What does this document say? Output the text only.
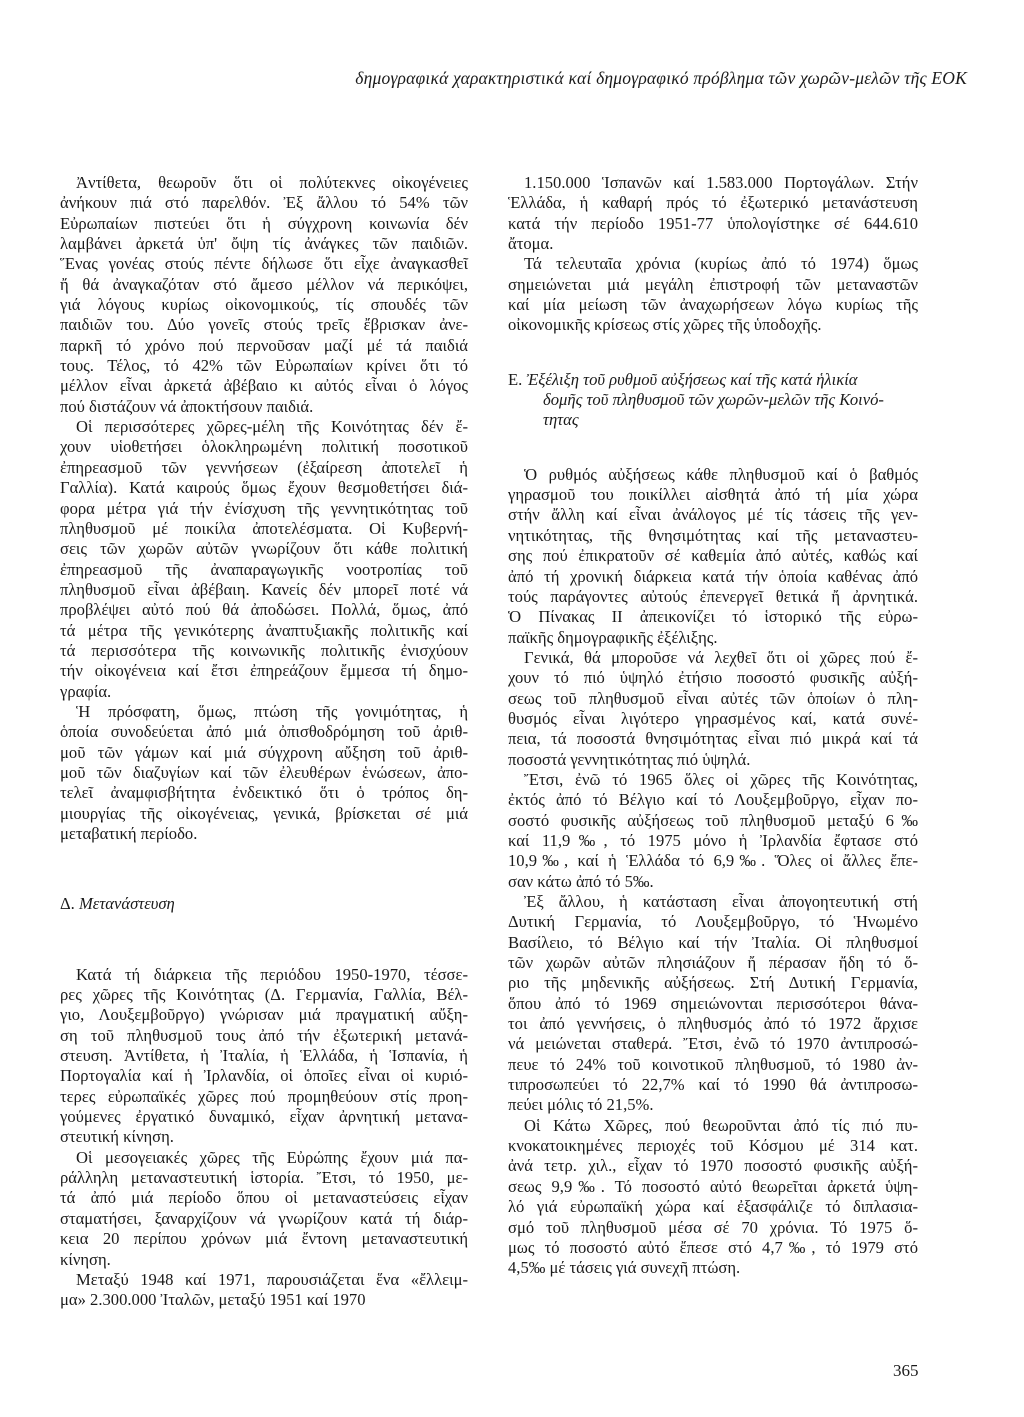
δημογραφικά χαρακτηριστικά καί δημογραφικό πρόβλημα τῶν χωρῶν-μελῶν τῆς ΕΟΚ

Ἀντίθετα, θεωροῦν ὅτι οἱ πολύτεκνες οἰκογένειες
ἀνήκουν πιά στό παρελθόν. Ἐξ ἄλλου τό 54% τῶν
Εὐρωπαίων πιστεύει ὅτι ἡ σύγχρονη κοινωνία δέν
λαμβάνει ἀρκετά ὑπ' ὄψη τίς ἀνάγκες τῶν παιδιῶν.
Ἕνας γονέας στούς πέντε δήλωσε ὅτι εἶχε ἀναγκασθεῖ
ἤ θά ἀναγκαζόταν στό ἄμεσο μέλλον νά περικόψει,
γιά λόγους κυρίως οἰκονομικούς, τίς σπουδές τῶν
παιδιῶν του. Δύο γονεῖς στούς τρεῖς ἔβρισκαν ἀνε-
παρκῆ τό χρόνο πού περνοῦσαν μαζί μέ τά παιδιά
τους. Τέλος, τό 42% τῶν Εὐρωπαίων κρίνει ὅτι τό
μέλλον εἶναι ἀρκετά ἀβέβαιο κι αὐτός εἶναι ὁ λόγος
πού διστάζουν νά ἀποκτήσουν παιδιά.

Οἱ περισσότερες χῶρες-μέλη τῆς Κοινότητας δέν ἔ-
χουν υἱοθετήσει ὁλοκληρωμένη πολιτική ποσοτικοῦ
ἐπηρεασμοῦ τῶν γεννήσεων (ἐξαίρεση ἀποτελεῖ ἡ
Γαλλία). Κατά καιρούς ὅμως ἔχουν θεσμοθετήσει διά-
φορα μέτρα γιά τήν ἐνίσχυση τῆς γεννητικότητας τοῦ
πληθυσμοῦ μέ ποικίλα ἀποτελέσματα. Οἱ Κυβερνή-
σεις τῶν χωρῶν αὐτῶν γνωρίζουν ὅτι κάθε πολιτική
ἐπηρεασμοῦ τῆς ἀναπαραγωγικῆς νοοτροπίας τοῦ
πληθυσμοῦ εἶναι ἀβέβαιη. Κανείς δέν μπορεῖ ποτέ νά
προβλέψει αὐτό πού θά ἀποδώσει. Πολλά, ὅμως, ἀπό
τά μέτρα τῆς γενικότερης ἀναπτυξιακῆς πολιτικῆς καί
τά περισσότερα τῆς κοινωνικῆς πολιτικῆς ἐνισχύουν
τήν οἰκογένεια καί ἔτσι ἐπηρεάζουν ἔμμεσα τή δημο-
γραφία.

Ἡ πρόσφατη, ὅμως, πτώση τῆς γονιμότητας, ἡ
ὁποία συνοδεύεται ἀπό μιά ὀπισθοδρόμηση τοῦ ἀριθ-
μοῦ τῶν γάμων καί μιά σύγχρονη αὔξηση τοῦ ἀριθ-
μοῦ τῶν διαζυγίων καί τῶν ἐλευθέρων ἑνώσεων, ἀπο-
τελεῖ ἀναμφισβήτητα ἐνδεικτικό ὅτι ὁ τρόπος δη-
μιουργίας τῆς οἰκογένειας, γενικά, βρίσκεται σέ μιά
μεταβατική περίοδο.

Δ. Μετανάστευση

Κατά τή διάρκεια τῆς περιόδου 1950-1970, τέσσε-
ρες χῶρες τῆς Κοινότητας (Δ. Γερμανία, Γαλλία, Βέλ-
γιο, Λουξεμβοῦργο) γνώρισαν μιά πραγματική αὔξη-
ση τοῦ πληθυσμοῦ τους ἀπό τήν ἐξωτερική μετανά-
στευση. Ἀντίθετα, ἡ Ἰταλία, ἡ Ἑλλάδα, ἡ Ἱσπανία, ἡ
Πορτογαλία καί ἡ Ἰρλανδία, οἱ ὁποῖες εἶναι οἱ κυριό-
τερες εὐρωπαϊκές χῶρες πού προμηθεύουν στίς προη-
γούμενες ἐργατικό δυναμικό, εἶχαν ἀρνητική μετανα-
στευτική κίνηση.

Οἱ μεσογειακές χῶρες τῆς Εὐρώπης ἔχουν μιά πα-
ράλληλη μεταναστευτική ἱστορία. Ἔτσι, τό 1950, με-
τά ἀπό μιά περίοδο ὅπου οἱ μεταναστεύσεις εἶχαν
σταματήσει, ξαναρχίζουν νά γνωρίζουν κατά τή διάρ-
κεια 20 περίπου χρόνων μιά ἔντονη μεταναστευτική
κίνηση.

Μεταξύ 1948 καί 1971, παρουσιάζεται ἕνα «ἔλλειμ-
μα» 2.300.000 Ἰταλῶν, μεταξύ 1951 καί 1970

1.150.000 Ἱσπανῶν καί 1.583.000 Πορτογάλων. Στήν
Ἑλλάδα, ἡ καθαρή πρός τό ἐξωτερικό μετανάστευση
κατά τήν περίοδο 1951-77 ὑπολογίστηκε σέ 644.610
ἄτομα.

Τά τελευταῖα χρόνια (κυρίως ἀπό τό 1974) ὅμως
σημειώνεται μιά μεγάλη ἐπιστροφή τῶν μεταναστῶν
καί μία μείωση τῶν ἀναχωρήσεων λόγω κυρίως τῆς
οἰκονομικῆς κρίσεως στίς χῶρες τῆς ὑποδοχῆς.

Ε. Ἐξέλιξη τοῦ ρυθμοῦ αὐξήσεως καί τῆς κατά ἡλικία
δομῆς τοῦ πληθυσμοῦ τῶν χωρῶν-μελῶν τῆς Κοινό-
τητας

Ὁ ρυθμός αὐξήσεως κάθε πληθυσμοῦ καί ὁ βαθμός
γηρασμοῦ του ποικίλλει αἰσθητά ἀπό τή μία χώρα
στήν ἄλλη καί εἶναι ἀνάλογος μέ τίς τάσεις τῆς γεν-
νητικότητας, τῆς θνησιμότητας καί τῆς μεταναστευ-
σης πού ἐπικρατοῦν σέ καθεμία ἀπό αὐτές, καθώς καί
ἀπό τή χρονική διάρκεια κατά τήν ὁποία καθένας ἀπό
τούς παράγοντες αὐτούς ἐπενεργεῖ θετικά ἤ ἀρνητικά.
Ὁ Πίνακας ΙΙ ἀπεικονίζει τό ἱστορικό τῆς εὐρω-
παϊκῆς δημογραφικῆς ἐξέλιξης.

Γενικά, θά μποροῦσε νά λεχθεῖ ὅτι οἱ χῶρες πού ἔ-
χουν τό πιό ὑψηλό ἐτήσιο ποσοστό φυσικῆς αὐξή-
σεως τοῦ πληθυσμοῦ εἶναι αὐτές τῶν ὁποίων ὁ πλη-
θυσμός εἶναι λιγότερο γηρασμένος καί, κατά συνέ-
πεια, τά ποσοστά θνησιμότητας εἶναι πιό μικρά καί τά
ποσοστά γεννητικότητας πιό ὑψηλά.

Ἔτσι, ἐνῶ τό 1965 ὅλες οἱ χῶρες τῆς Κοινότητας,
ἐκτός ἀπό τό Βέλγιο καί τό Λουξεμβοῦργο, εἶχαν πο-
σοστό φυσικῆς αὐξήσεως τοῦ πληθυσμοῦ μεταξύ 6‰
καί 11,9‰, τό 1975 μόνο ἡ Ἰρλανδία ἔφτασε στό
10,9‰, καί ἡ Ἑλλάδα τό 6,9‰. Ὅλες οἱ ἄλλες ἔπε-
σαν κάτω ἀπό τό 5‰.

Ἐξ ἄλλου, ἡ κατάσταση εἶναι ἀπογοητευτική στή
Δυτική Γερμανία, τό Λουξεμβοῦργο, τό Ἡνωμένο
Βασίλειο, τό Βέλγιο καί τήν Ἰταλία. Οἱ πληθυσμοί
τῶν χωρῶν αὐτῶν πλησιάζουν ἤ πέρασαν ἤδη τό ὅ-
ριο τῆς μηδενικῆς αὐξήσεως. Στή Δυτική Γερμανία,
ὅπου ἀπό τό 1969 σημειώνονται περισσότεροι θάνα-
τοι ἀπό γεννήσεις, ὁ πληθυσμός ἀπό τό 1972 ἄρχισε
νά μειώνεται σταθερά. Ἔτσι, ἐνῶ τό 1970 ἀντιπροσώ-
πευε τό 24% τοῦ κοινοτικοῦ πληθυσμοῦ, τό 1980 ἀν-
τιπροσωπεύει τό 22,7% καί τό 1990 θά ἀντιπροσω-
πεύει μόλις τό 21,5%.

Οἱ Κάτω Χῶρες, πού θεωροῦνται ἀπό τίς πιό πυ-
κνοκατοικημένες περιοχές τοῦ Κόσμου μέ 314 κατ.
ἀνά τετρ. χιλ., εἶχαν τό 1970 ποσοστό φυσικῆς αὐξή-
σεως 9,9‰. Τό ποσοστό αὐτό θεωρεῖται ἀρκετά ὑψη-
λό γιά εὐρωπαϊκή χώρα καί ἐξασφάλιζε τό διπλασια-
σμό τοῦ πληθυσμοῦ μέσα σέ 70 χρόνια. Τό 1975 ὅ-
μως τό ποσοστό αὐτό ἔπεσε στό 4,7‰, τό 1979 στό
4,5‰ μέ τάσεις γιά συνεχῆ πτώση.

365
